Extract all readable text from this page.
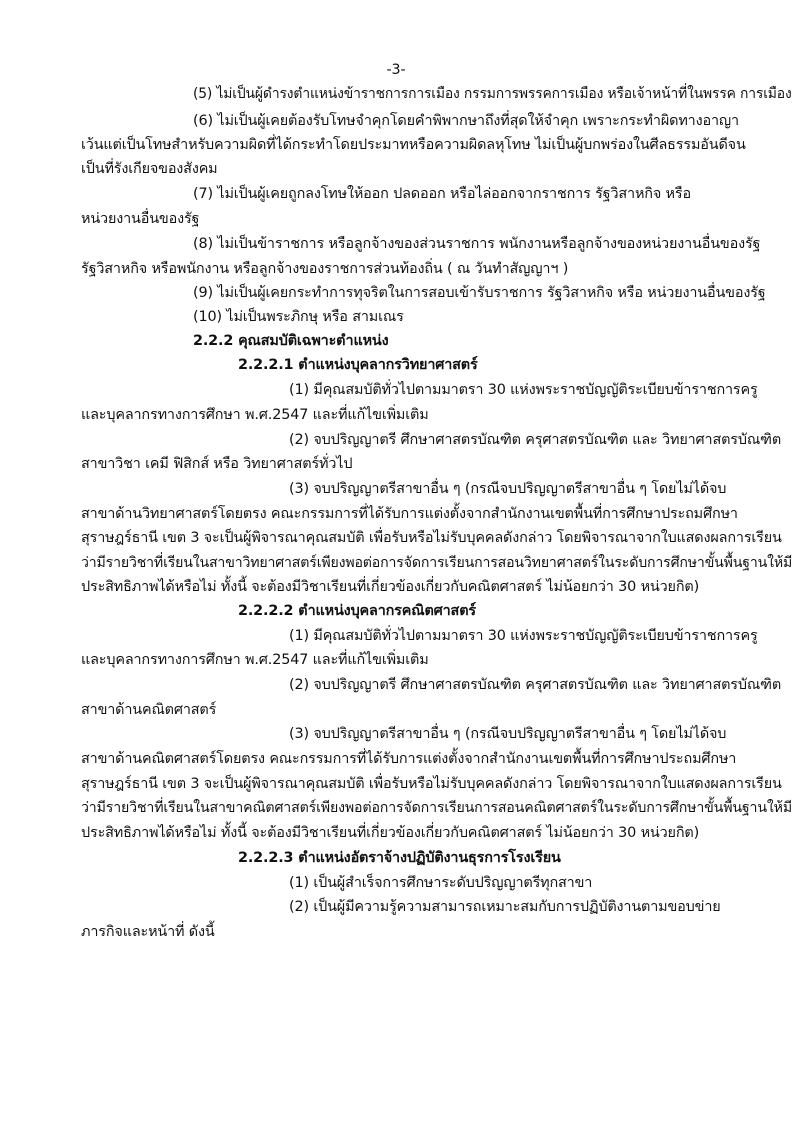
-3-
(5) ไม่เป็นผู้ดำรงตำแหน่งข้าราชการการเมือง กรรมการพรรคการเมือง หรือเจ้าหน้าที่ในพรรค การเมือง
(6) ไม่เป็นผู้เคยต้องรับโทษจำคุกโดยคำพิพากษาถึงที่สุดให้จำคุก เพราะกระทำผิดทางอาญา
เว้นแต่เป็นโทษสำหรับความผิดที่ได้กระทำโดยประมาทหรือความผิดลหุโทษ ไม่เป็นผู้บกพร่องในศีลธรรมอันดีจน
เป็นที่รังเกียจของสังคม
(7) ไม่เป็นผู้เคยถูกลงโทษให้ออก ปลดออก หรือไล่ออกจากราชการ รัฐวิสาหกิจ หรือ
หน่วยงานอื่นของรัฐ
(8) ไม่เป็นข้าราชการ หรือลูกจ้างของส่วนราชการ พนักงานหรือลูกจ้างของหน่วยงานอื่นของรัฐ
รัฐวิสาหกิจ หรือพนักงาน หรือลูกจ้างของราชการส่วนท้องถิ่น ( ณ วันทำสัญญาฯ )
(9) ไม่เป็นผู้เคยกระทำการทุจริตในการสอบเข้ารับราชการ รัฐวิสาหกิจ หรือ หน่วยงานอื่นของรัฐ
(10) ไม่เป็นพระภิกษุ หรือ สามเณร
2.2.2 คุณสมบัติเฉพาะตำแหน่ง
2.2.2.1 ตำแหน่งบุคลากรวิทยาศาสตร์
(1) มีคุณสมบัติทั่วไปตามมาตรา 30 แห่งพระราชบัญญัติระเบียบข้าราชการครู
และบุคลากรทางการศึกษา พ.ศ.2547 และที่แก้ไขเพิ่มเติม
(2) จบปริญญาตรี ศึกษาศาสตรบัณฑิต ครุศาสตรบัณฑิต และ วิทยาศาสตรบัณฑิต
สาขาวิชา เคมี ฟิสิกส์ หรือ วิทยาศาสตร์ทั่วไป
(3) จบปริญญาตรีสาขาอื่น ๆ (กรณีจบปริญญาตรีสาขาอื่น ๆ โดยไม่ได้จบ
สาขาด้านวิทยาศาสตร์โดยตรง คณะกรรมการที่ได้รับการแต่งตั้งจากสำนักงานเขตพื้นที่การศึกษาประถมศึกษา
สุราษฎร์ธานี เขต 3 จะเป็นผู้พิจารณาคุณสมบัติ เพื่อรับหรือไม่รับบุคคลดังกล่าว โดยพิจารณาจากใบแสดงผลการเรียน
ว่ามีรายวิชาที่เรียนในสาขาวิทยาศาสตร์เพียงพอต่อการจัดการเรียนการสอนวิทยาศาสตร์ในระดับการศึกษาขั้นพื้นฐานให้มี
ประสิทธิภาพได้หรือไม่ ทั้งนี้ จะต้องมีวิชาเรียนที่เกี่ยวข้องเกี่ยวกับคณิตศาสตร์ ไม่น้อยกว่า 30 หน่วยกิต)
2.2.2.2 ตำแหน่งบุคลากรคณิตศาสตร์
(1) มีคุณสมบัติทั่วไปตามมาตรา 30 แห่งพระราชบัญญัติระเบียบข้าราชการครู
และบุคลากรทางการศึกษา พ.ศ.2547 และที่แก้ไขเพิ่มเติม
(2) จบปริญญาตรี ศึกษาศาสตรบัณฑิต ครุศาสตรบัณฑิต และ วิทยาศาสตรบัณฑิต
สาขาด้านคณิตศาสตร์
(3) จบปริญญาตรีสาขาอื่น ๆ (กรณีจบปริญญาตรีสาขาอื่น ๆ โดยไม่ได้จบ
สาขาด้านคณิตศาสตร์โดยตรง คณะกรรมการที่ได้รับการแต่งตั้งจากสำนักงานเขตพื้นที่การศึกษาประถมศึกษา
สุราษฎร์ธานี เขต 3 จะเป็นผู้พิจารณาคุณสมบัติ เพื่อรับหรือไม่รับบุคคลดังกล่าว โดยพิจารณาจากใบแสดงผลการเรียน
ว่ามีรายวิชาที่เรียนในสาขาคณิตศาสตร์เพียงพอต่อการจัดการเรียนการสอนคณิตศาสตร์ในระดับการศึกษาขั้นพื้นฐานให้มี
ประสิทธิภาพได้หรือไม่ ทั้งนี้ จะต้องมีวิชาเรียนที่เกี่ยวข้องเกี่ยวกับคณิตศาสตร์ ไม่น้อยกว่า 30 หน่วยกิต)
2.2.2.3 ตำแหน่งอัตราจ้างปฏิบัติงานธุรการโรงเรียน
(1) เป็นผู้สำเร็จการศึกษาระดับปริญญาตรีทุกสาขา
(2) เป็นผู้มีความรู้ความสามารถเหมาะสมกับการปฏิบัติงานตามขอบข่าย
ภารกิจและหน้าที่ ดังนี้
